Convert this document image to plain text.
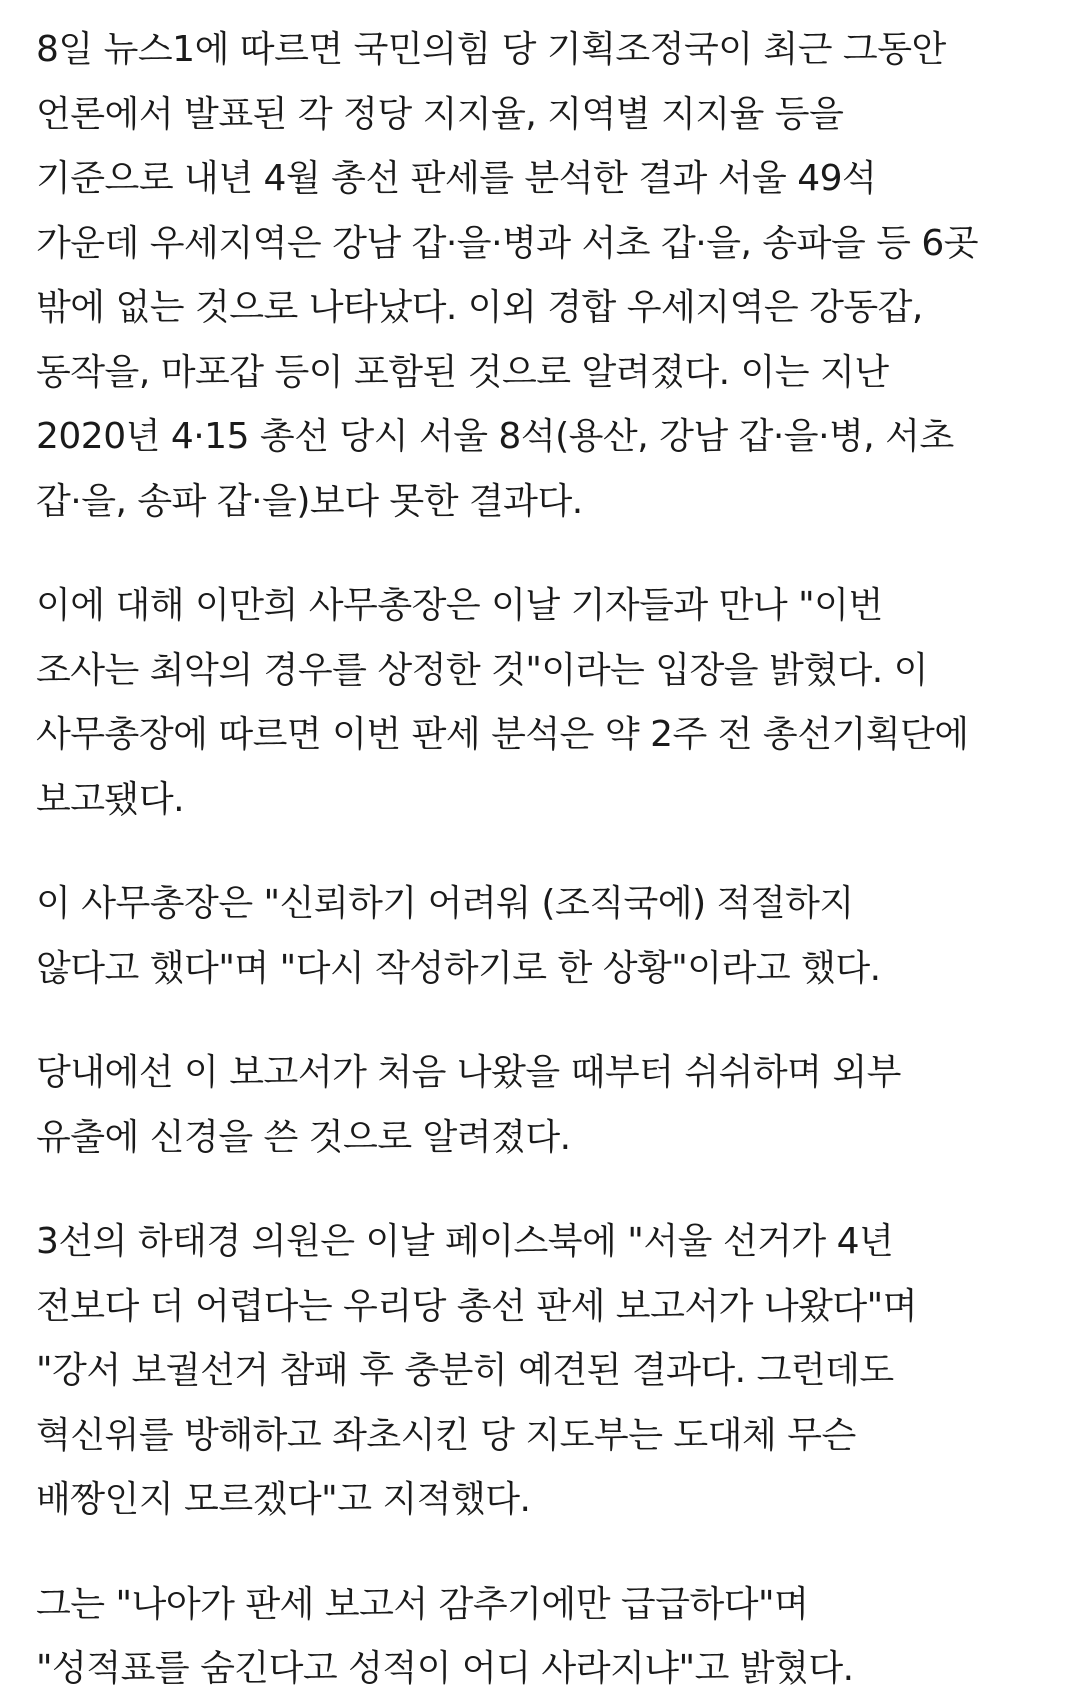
8일 뉴스1에 따르면 국민의힘 당 기획조정국이 최근 그동안
언론에서 발표된 각 정당 지지율, 지역별 지지율 등을
기준으로 내년 4월 총선 판세를 분석한 결과 서울 49석
가운데 우세지역은 강남 갑·을·병과 서초 갑·을, 송파을 등 6곳
밖에 없는 것으로 나타났다. 이외 경합 우세지역은 강동갑,
동작을, 마포갑 등이 포함된 것으로 알려졌다. 이는 지난
2020년 4·15 총선 당시 서울 8석(용산, 강남 갑·을·병, 서초
갑·을, 송파 갑·을)보다 못한 결과다.

이에 대해 이만희 사무총장은 이날 기자들과 만나 "이번
조사는 최악의 경우를 상정한 것"이라는 입장을 밝혔다. 이
사무총장에 따르면 이번 판세 분석은 약 2주 전 총선기획단에
보고됐다.

이 사무총장은 "신뢰하기 어려워 (조직국에) 적절하지
않다고 했다"며 "다시 작성하기로 한 상황"이라고 했다.

당내에선 이 보고서가 처음 나왔을 때부터 쉬쉬하며 외부
유출에 신경을 쓴 것으로 알려졌다.

3선의 하태경 의원은 이날 페이스북에 "서울 선거가 4년
전보다 더 어렵다는 우리당 총선 판세 보고서가 나왔다"며
"강서 보궐선거 참패 후 충분히 예견된 결과다. 그런데도
혁신위를 방해하고 좌초시킨 당 지도부는 도대체 무슨
배짱인지 모르겠다"고 지적했다.

그는 "나아가 판세 보고서 감추기에만 급급하다"며
"성적표를 숨긴다고 성적이 어디 사라지냐"고 밝혔다.
